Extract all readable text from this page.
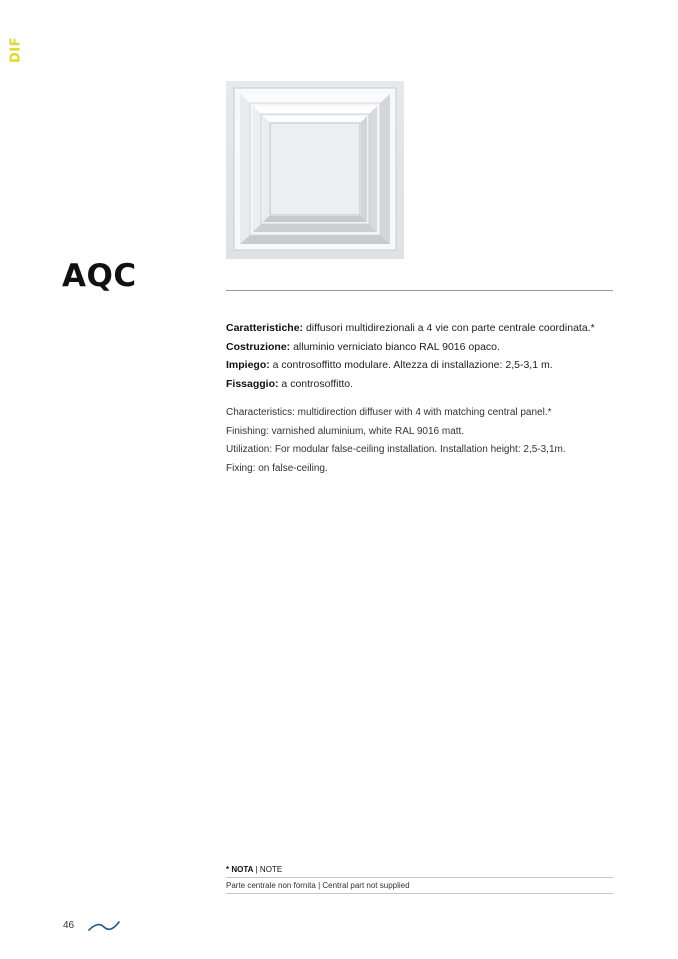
DIF
AQC

Caratteristiche: diffusori multidirezionali a 4 vie con parte centrale coordinata.*

Costruzione: alluminio verniciato bianco RAL 9016 opaco.

Impiego: a controsoffitto modulare. Altezza di installazione: 2,5-3,1 m.

Fissaggio: a controsoffitto.

Characteristics: multidirection diffuser with 4 with matching central panel.*

Finishing: varnished aluminium, white RAL 9016 matt.

Utilization: For modular false-ceiling installation. Installation height: 2,5-3,1m.

Fixing: on false-ceiling.

* NOTA | NOTE
Parte centrale non fornita | Central part not supplied
46
